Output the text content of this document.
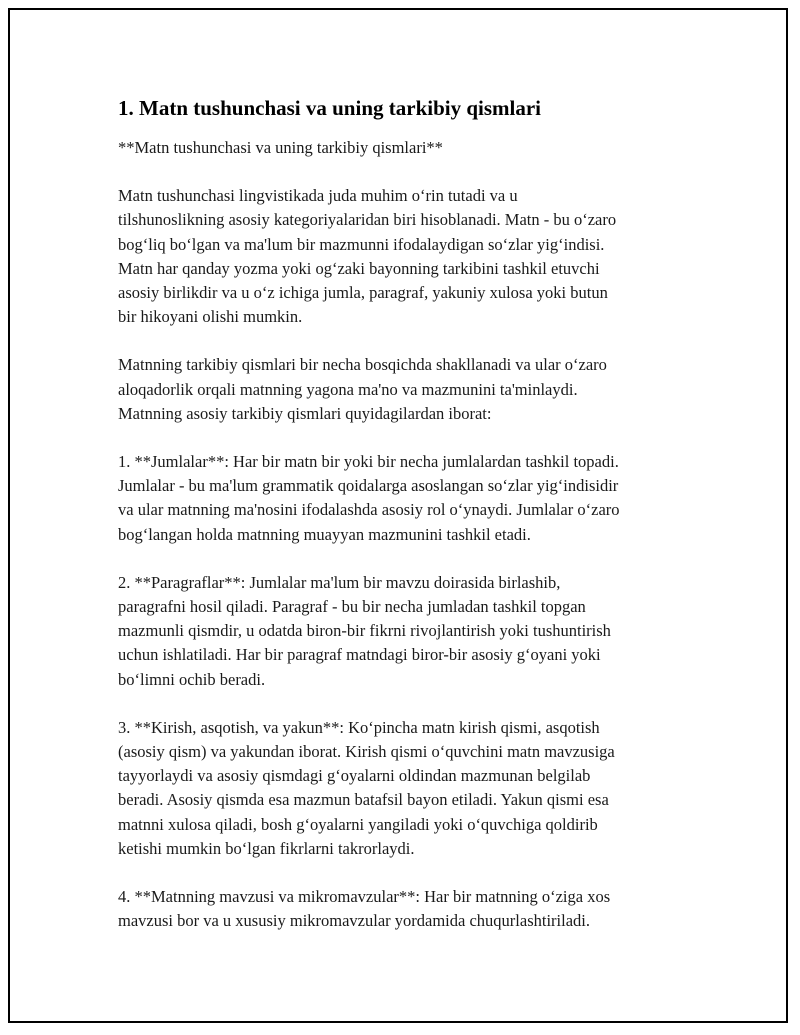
1. Matn tushunchasi va uning tarkibiy qismlari

**Matn tushunchasi va uning tarkibiy qismlari**

Matn tushunchasi lingvistikada juda muhim o‘rin tutadi va u
tilshunoslikning asosiy kategoriyalaridan biri hisoblanadi. Matn - bu o‘zaro
bog‘liq bo‘lgan va ma'lum bir mazmunni ifodalaydigan so‘zlar yig‘indisi.
Matn har qanday yozma yoki og‘zaki bayonning tarkibini tashkil etuvchi
asosiy birlikdir va u o‘z ichiga jumla, paragraf, yakuniy xulosa yoki butun
bir hikoyani olishi mumkin.

Matnning tarkibiy qismlari bir necha bosqichda shakllanadi va ular o‘zaro
aloqadorlik orqali matnning yagona ma'no va mazmunini ta'minlaydi.
Matnning asosiy tarkibiy qismlari quyidagilardan iborat:

1. **Jumlalar**: Har bir matn bir yoki bir necha jumlalardan tashkil topadi.
Jumlalar - bu ma'lum grammatik qoidalarga asoslangan so‘zlar yig‘indisidir
va ular matnning ma'nosini ifodalashda asosiy rol o‘ynaydi. Jumlalar o‘zaro
bog‘langan holda matnning muayyan mazmunini tashkil etadi.

2. **Paragraflar**: Jumlalar ma'lum bir mavzu doirasida birlashib,
paragrafni hosil qiladi. Paragraf - bu bir necha jumladan tashkil topgan
mazmunli qismdir, u odatda biron-bir fikrni rivojlantirish yoki tushuntirish
uchun ishlatiladi. Har bir paragraf matndagi biror-bir asosiy g‘oyani yoki
bo‘limni ochib beradi.

3. **Kirish, asqotish, va yakun**: Ko‘pincha matn kirish qismi, asqotish
(asosiy qism) va yakundan iborat. Kirish qismi o‘quvchini matn mavzusiga
tayyorlaydi va asosiy qismdagi g‘oyalarni oldindan mazmunan belgilab
beradi. Asosiy qismda esa mazmun batafsil bayon etiladi. Yakun qismi esa
matnni xulosa qiladi, bosh g‘oyalarni yangiladi yoki o‘quvchiga qoldirib
ketishi mumkin bo‘lgan fikrlarni takrorlaydi.

4. **Matnning mavzusi va mikromavzular**: Har bir matnning o‘ziga xos
mavzusi bor va u xususiy mikromavzular yordamida chuqurlashtiriladi.
